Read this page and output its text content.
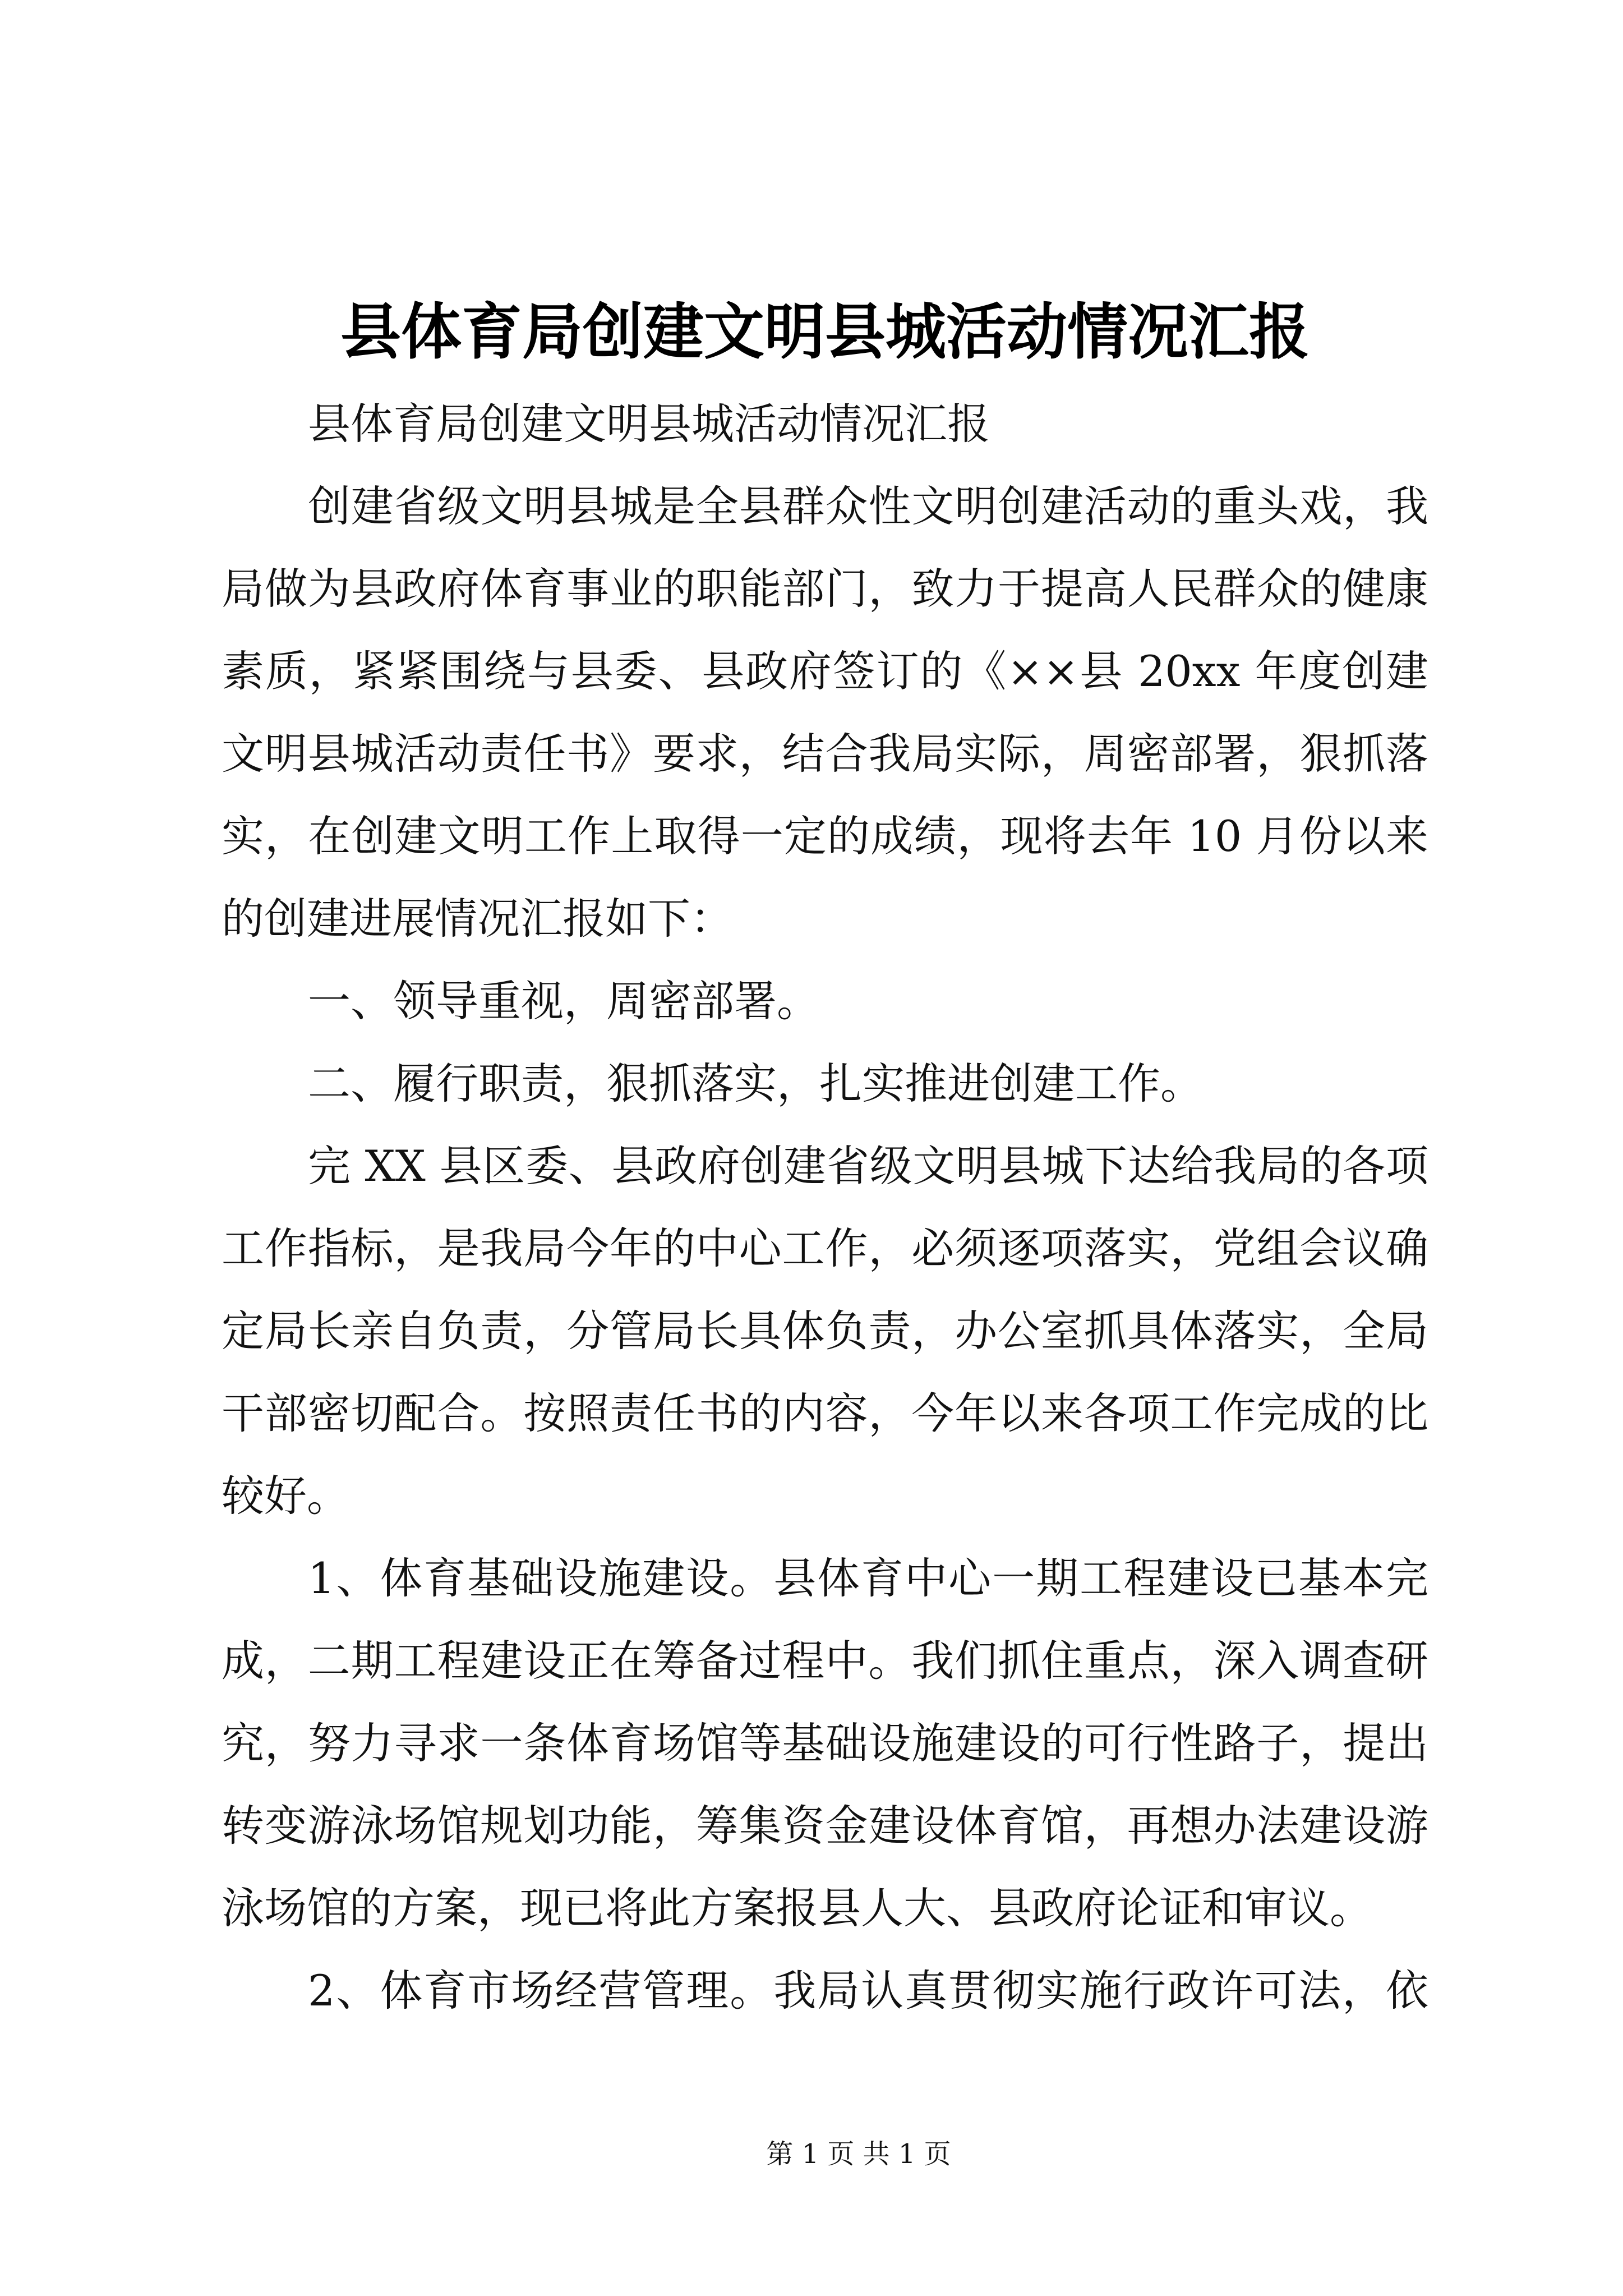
县体育局创建文明县城活动情况汇报
县体育局创建文明县城活动情况汇报
创建省级文明县城是全县群众性文明创建活动的重头戏，我
局做为县政府体育事业的职能部门，致力于提高人民群众的健康
素质，紧紧围绕与县委、县政府签订的《××县 20xx 年度创建
文明县城活动责任书》要求，结合我局实际，周密部署，狠抓落
实，在创建文明工作上取得一定的成绩，现将去年 10 月份以来
的创建进展情况汇报如下：
一、领导重视，周密部署。
二、履行职责，狠抓落实，扎实推进创建工作。
完 XX 县区委、县政府创建省级文明县城下达给我局的各项
工作指标，是我局今年的中心工作，必须逐项落实，党组会议确
定局长亲自负责，分管局长具体负责，办公室抓具体落实，全局
干部密切配合。按照责任书的内容，今年以来各项工作完成的比
较好。
1、体育基础设施建设。县体育中心一期工程建设已基本完
成，二期工程建设正在筹备过程中。我们抓住重点，深入调查研
究，努力寻求一条体育场馆等基础设施建设的可行性路子，提出
转变游泳场馆规划功能，筹集资金建设体育馆，再想办法建设游
泳场馆的方案，现已将此方案报县人大、县政府论证和审议。
2、体育市场经营管理。我局认真贯彻实施行政许可法，依
第 1 页 共 1 页
